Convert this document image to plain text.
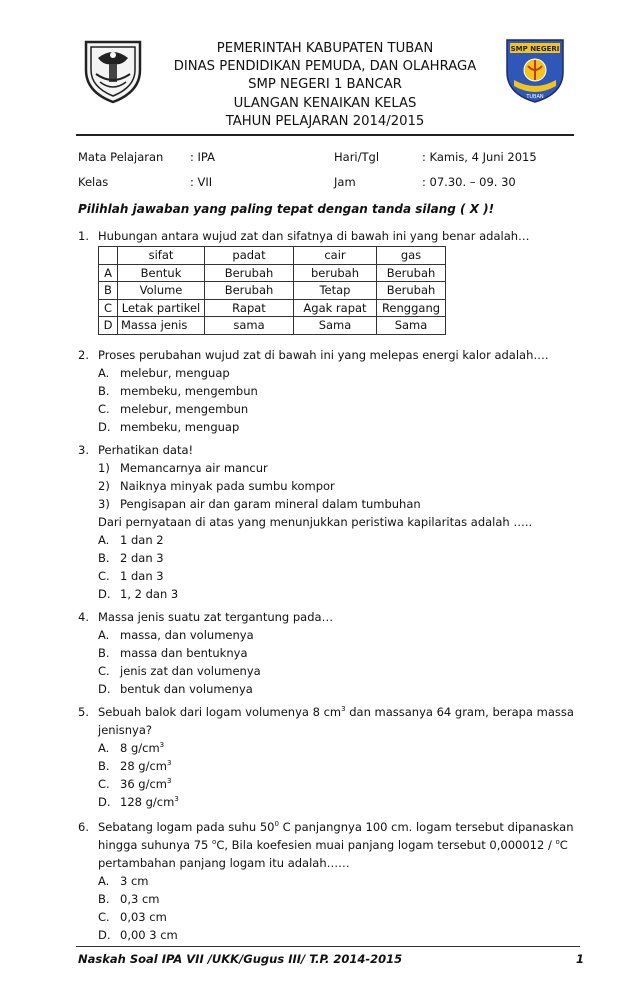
SMP NEGERI
TUBAN
PEMERINTAH KABUPATEN TUBAN
DINAS PENDIDIKAN PEMUDA, DAN OLAHRAGA
SMP NEGERI 1 BANCAR
ULANGAN KENAIKAN KELAS
TAHUN PELAJARAN 2014/2015
Mata Pelajaran : IPA	Hari/Tgl	: Kamis, 4 Juni 2015
Kelas	: VII	Jam	: 07.30. – 09. 30
Pilihlah jawaban yang paling tepat dengan tanda silang ( X )!
1. Hubungan antara wujud zat dan sifatnya di bawah ini yang benar adalah…
	sifat	padat	cair	gas
A	Bentuk	Berubah	berubah	Berubah
B	Volume	Berubah	Tetap	Berubah
C	Letak partikel	Rapat	Agak rapat	Renggang
D	Massa jenis	sama	Sama	Sama
2. Proses perubahan wujud zat di bawah ini yang melepas energi kalor adalah….
A. melebur, menguap
B. membeku, mengembun
C. melebur, mengembun
D. membeku, menguap
3. Perhatikan data!
1) Memancarnya air mancur
2) Naiknya minyak pada sumbu kompor
3) Pengisapan air dan garam mineral dalam tumbuhan
Dari pernyataan di atas yang menunjukkan peristiwa kapilaritas adalah …..
A. 1 dan 2
B. 2 dan 3
C. 1 dan 3
D. 1, 2 dan 3
4. Massa jenis suatu zat tergantung pada…
A. massa, dan volumenya
B. massa dan bentuknya
C. jenis zat dan volumenya
D. bentuk dan volumenya
5. Sebuah balok dari logam volumenya 8 $cm^3$ dan massanya 64 gram, berapa massa
jenisnya?
A. 8 $g/cm^3$
B. 28 $g/cm^3$
C. 36 $g/cm^3$
D. 128 $g/cm^3$
6. Sebatang logam pada suhu $50^0$ C panjangnya 100 cm. logam tersebut dipanaskan
hingga suhunya 75 $^o$C, Bila koefesien muai panjang logam tersebut 0,000012 / $^o$C
pertambahan panjang logam itu adalah……
A. 3 cm
Naskah Soal IPA VII /UKK/Gugus III/ T.P. 2014-2015	1
B. 0,3 cm
C. 0,03 cm
D. 0,00 3 cm
